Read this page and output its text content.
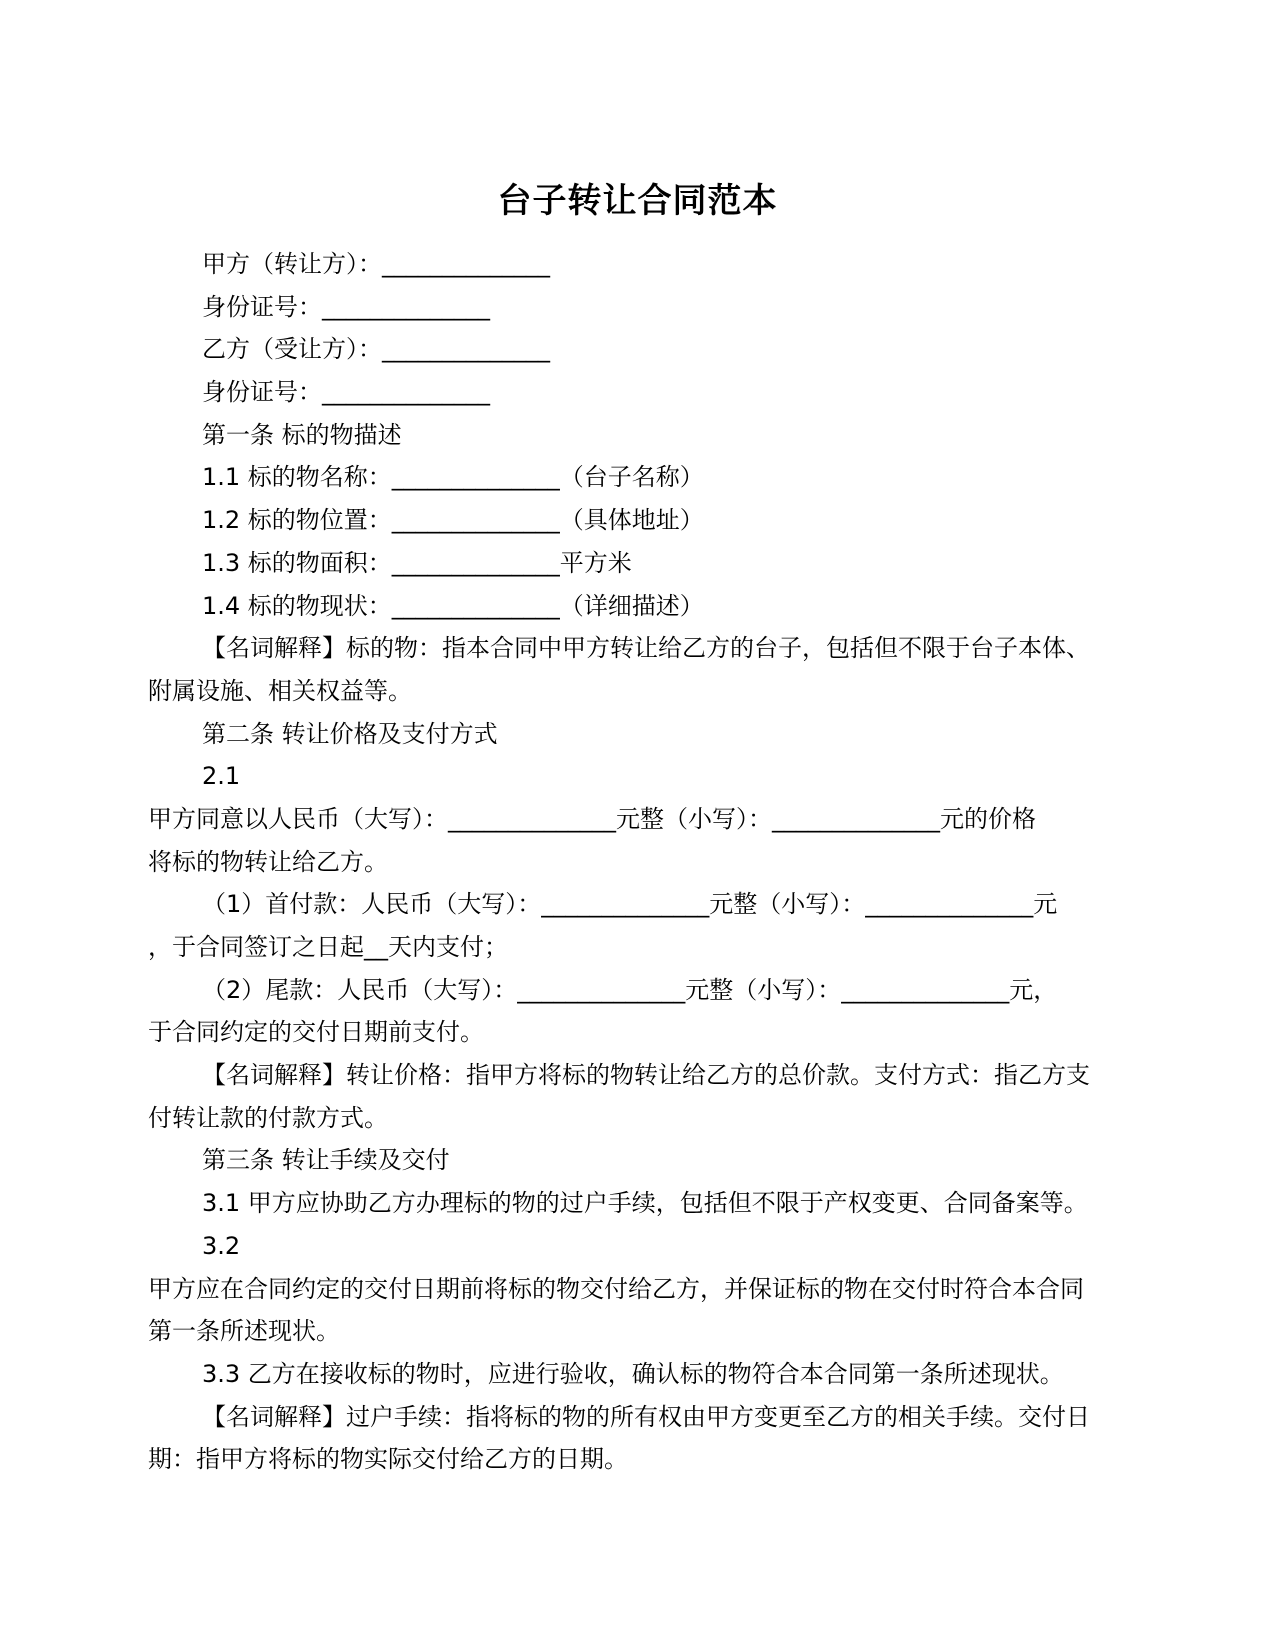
台子转让合同范本
甲方（转让方）：______________
身份证号：______________
乙方（受让方）：______________
身份证号：______________
第一条 标的物描述
1.1 标的物名称：______________（台子名称）
1.2 标的物位置：______________（具体地址）
1.3 标的物面积：______________平方米
1.4 标的物现状：______________（详细描述）
【名词解释】标的物：指本合同中甲方转让给乙方的台子，包括但不限于台子本体、
附属设施、相关权益等。
第二条 转让价格及支付方式
2.1
甲方同意以人民币（大写）：______________元整（小写）：______________元的价格
将标的物转让给乙方。
（1）首付款：人民币（大写）：______________元整（小写）：______________元
，于合同签订之日起__天内支付；
（2）尾款：人民币（大写）：______________元整（小写）：______________元，
于合同约定的交付日期前支付。
【名词解释】转让价格：指甲方将标的物转让给乙方的总价款。支付方式：指乙方支
付转让款的付款方式。
第三条 转让手续及交付
3.1 甲方应协助乙方办理标的物的过户手续，包括但不限于产权变更、合同备案等。
3.2
甲方应在合同约定的交付日期前将标的物交付给乙方，并保证标的物在交付时符合本合同
第一条所述现状。
3.3 乙方在接收标的物时，应进行验收，确认标的物符合本合同第一条所述现状。
【名词解释】过户手续：指将标的物的所有权由甲方变更至乙方的相关手续。交付日
期：指甲方将标的物实际交付给乙方的日期。
